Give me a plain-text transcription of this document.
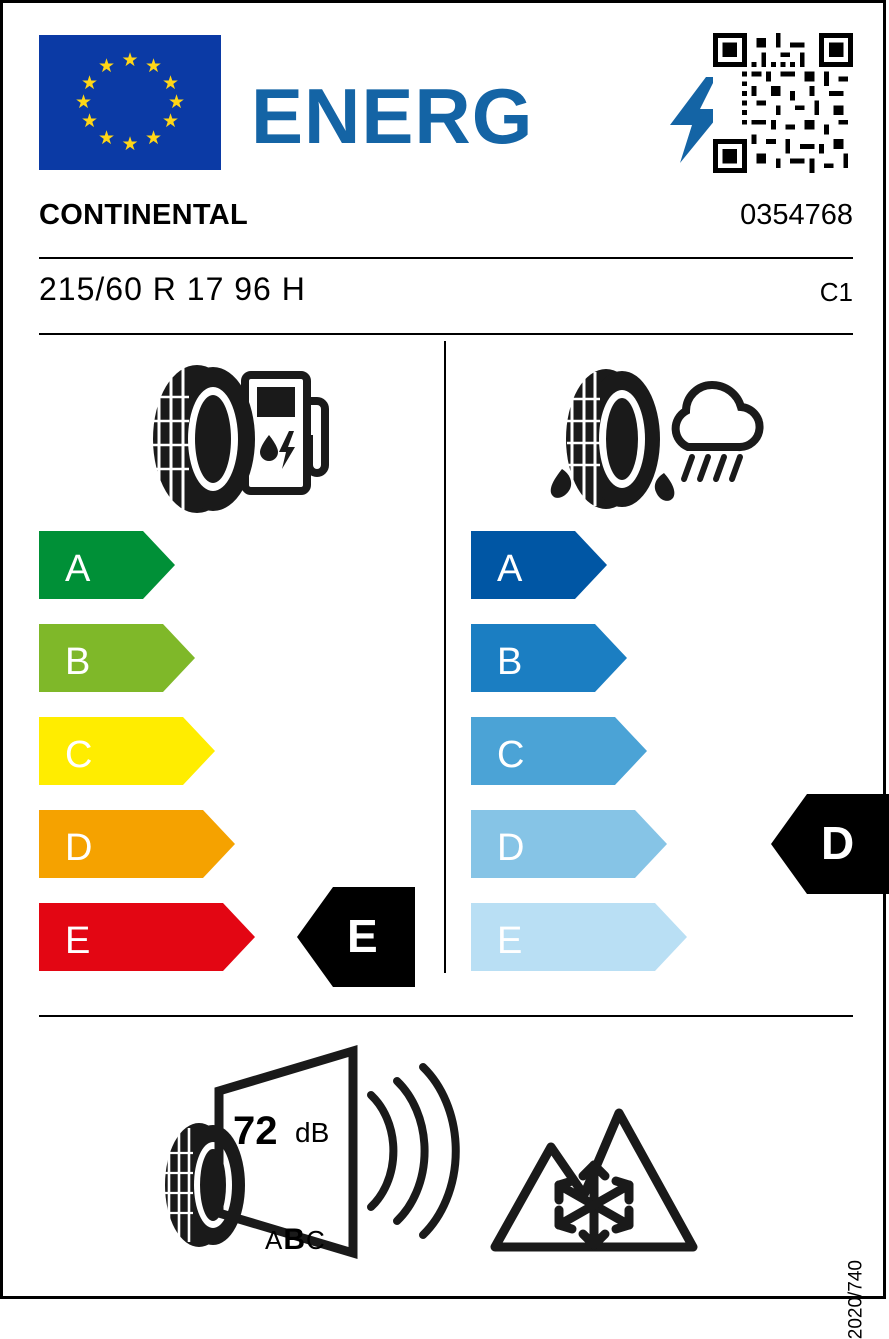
★
★ ★
★	★
★	★
★	★
★ ★
★ ENERG
CONTINENTAL	0354768
215/60 R 17 96 H	C1
A
B
C
D
E	E
A
B
C
D
E
D
72 dB
ABC
2020/740
